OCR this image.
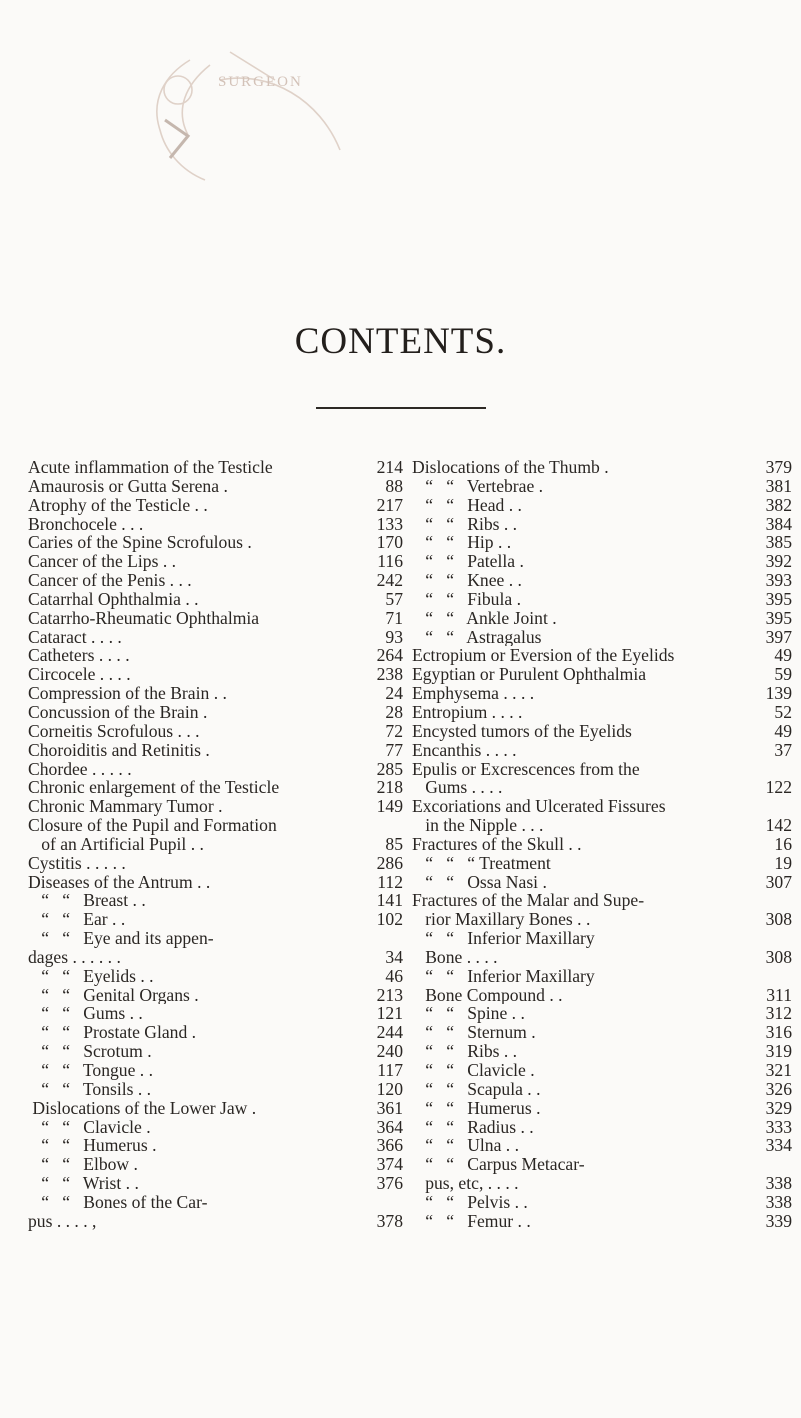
SURGEON
CONTENTS.
Acute inflammation of the Testicle	214
Amaurosis or Gutta Serena .	88
Atrophy of the Testicle . .	217
Bronchocele . . .	133
Caries of the Spine Scrofulous .	170
Cancer of the Lips . .	116
Cancer of the Penis . . .	242
Catarrhal Ophthalmia . .	57
Catarrho-Rheumatic Ophthalmia	71
Cataract . . . .	93
Catheters . . . .	264
Circocele . . . .	238
Compression of the Brain . .	24
Concussion of the Brain .	28
Corneitis Scrofulous . . .	72
Choroiditis and Retinitis .	77
Chordee . . . . .	285
Chronic enlargement of the Testicle	218
Chronic Mammary Tumor .	149
Closure of the Pupil and Formation
of an Artificial Pupil . .	85
Cystitis . . . . .	286
Diseases of the Antrum . .	112
“   “   Breast . .	141
“   “   Ear . .	102
“   “   Eye and its appen-
dages . . . . . .	34
“   “   Eyelids . .	46
“   “   Genital Organs .	213
“   “   Gums . .	121
“   “   Prostate Gland .	244
“   “   Scrotum .	240
“   “   Tongue . .	117
“   “   Tonsils . .	120
Dislocations of the Lower Jaw .	361
“   “   Clavicle .	364
“   “   Humerus .	366
“   “   Elbow .	374
“   “   Wrist . .	376
“   “   Bones of the Car-
pus . . . . ,	378
Dislocations of the Thumb .	379
“   “   Vertebrae .	381
“   “   Head . .	382
“   “   Ribs . .	384
“   “   Hip . .	385
“   “   Patella .	392
“   “   Knee . .	393
“   “   Fibula .	395
“   “   Ankle Joint .	395
“   “   Astragalus	397
Ectropium or Eversion of the Eyelids	49
Egyptian or Purulent Ophthalmia	59
Emphysema . . . .	139
Entropium . . . .	52
Encysted tumors of the Eyelids	49
Encanthis . . . .	37
Epulis or Excrescences from the
Gums . . . .	122
Excoriations and Ulcerated Fissures
in the Nipple . . .	142
Fractures of the Skull . .	16
“   “   “ Treatment	19
“   “   Ossa Nasi .	307
Fractures of the Malar and Supe-
rior Maxillary Bones . .	308
“   “   Inferior Maxillary
Bone . . . .	308
“   “   Inferior Maxillary
Bone Compound . .	311
“   “   Spine . .	312
“   “   Sternum .	316
“   “   Ribs . .	319
“   “   Clavicle .	321
“   “   Scapula . .	326
“   “   Humerus .	329
“   “   Radius . .	333
“   “   Ulna . .	334
“   “   Carpus Metacar-
pus, etc, . . . .	338
“   “   Pelvis . .	338
“   “   Femur . .	339
